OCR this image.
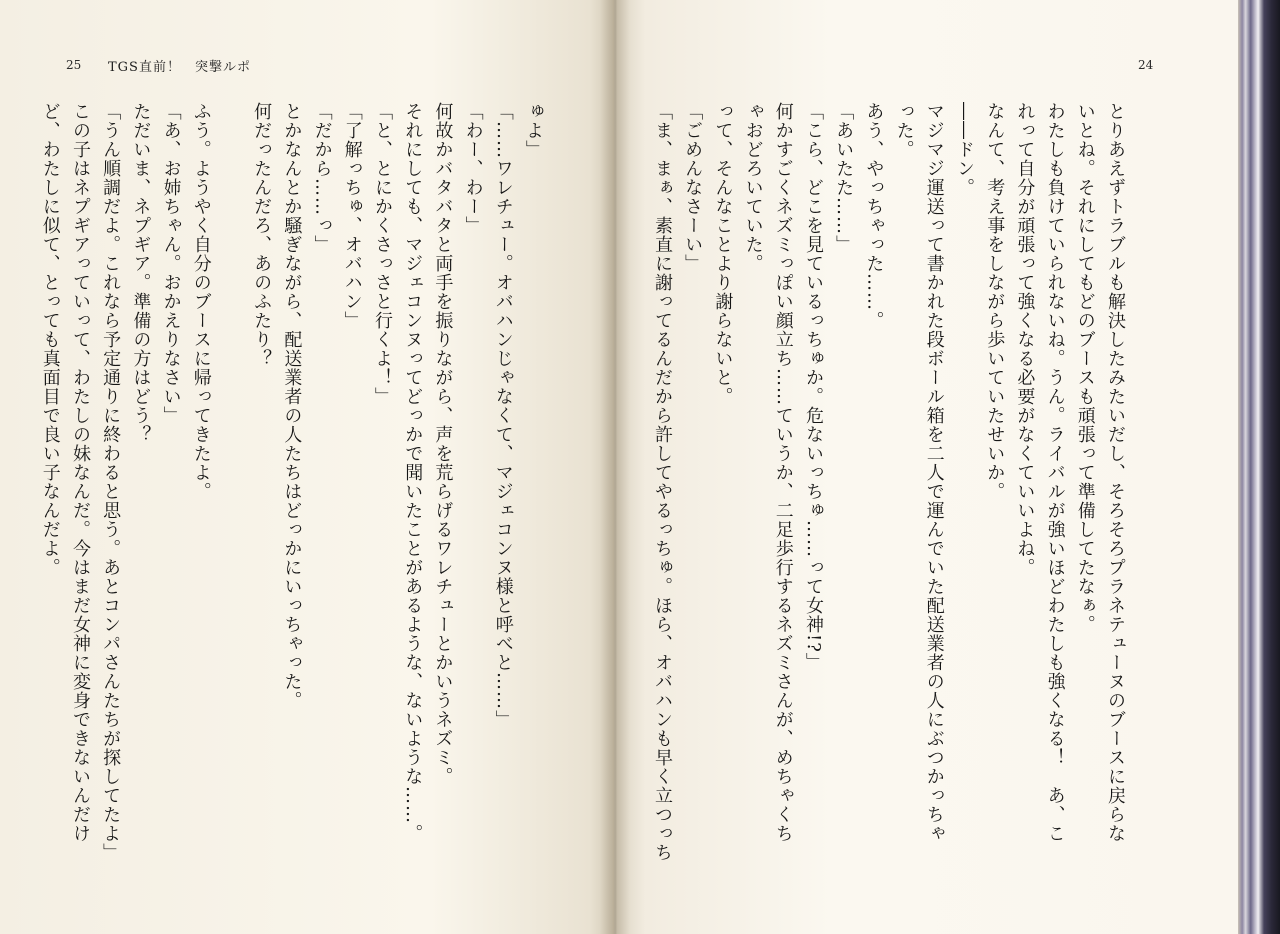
25 TGS直前！　突撃ルポ	24
とりあえずトラブルも解決したみたいだし、そろそろプラネテューヌのブースに戻らな
いとね。それにしてもどのブースも頑張って準備してたなぁ。
わたしも負けていられないね。うん。ライバルが強いほどわたしも強くなる！　あ、こ
れって自分が頑張って強くなる必要がなくていいよね。
なんて、考え事をしながら歩いていたせいか。
――ドン。
マジマジ運送って書かれた段ボール箱を二人で運んでいた配送業者の人にぶつかっちゃ
った。
あう、やっちゃった……。
「あいたた……」
「こら、どこを見ているっちゅか。危ないっちゅ……って女神!?」
何かすごくネズミっぽい顔立ち……ていうか、二足歩行するネズミさんが、めちゃくち
ゃおどろいていた。
って、そんなことより謝らないと。
「ごめんなさーい」
「ま、まぁ、素直に謝ってるんだから許してやるっちゅ。ほら、オバハンも早く立つっち
ゅよ」
「……ワレチュー。オバハンじゃなくて、マジェコンヌ様と呼べと……」
「わー、わー」
何故かバタバタと両手を振りながら、声を荒らげるワレチューとかいうネズミ。
それにしても、マジェコンヌってどっかで聞いたことがあるような、ないような……。
「と、とにかくさっさと行くよ！」
「了解っちゅ、オバハン」
「だから……っ」
とかなんとか騒ぎながら、配送業者の人たちはどっかにいっちゃった。
何だったんだろ、あのふたり？

ふう。ようやく自分のブースに帰ってきたよ。
「あ、お姉ちゃん。おかえりなさい」
ただいま、ネプギア。準備の方はどう？
「うん順調だよ。これなら予定通りに終わると思う。あとコンパさんたちが探してたよ」
この子はネプギアっていって、わたしの妹なんだ。今はまだ女神に変身できないんだけ
ど、わたしに似て、とっても真面目で良い子なんだよ。
